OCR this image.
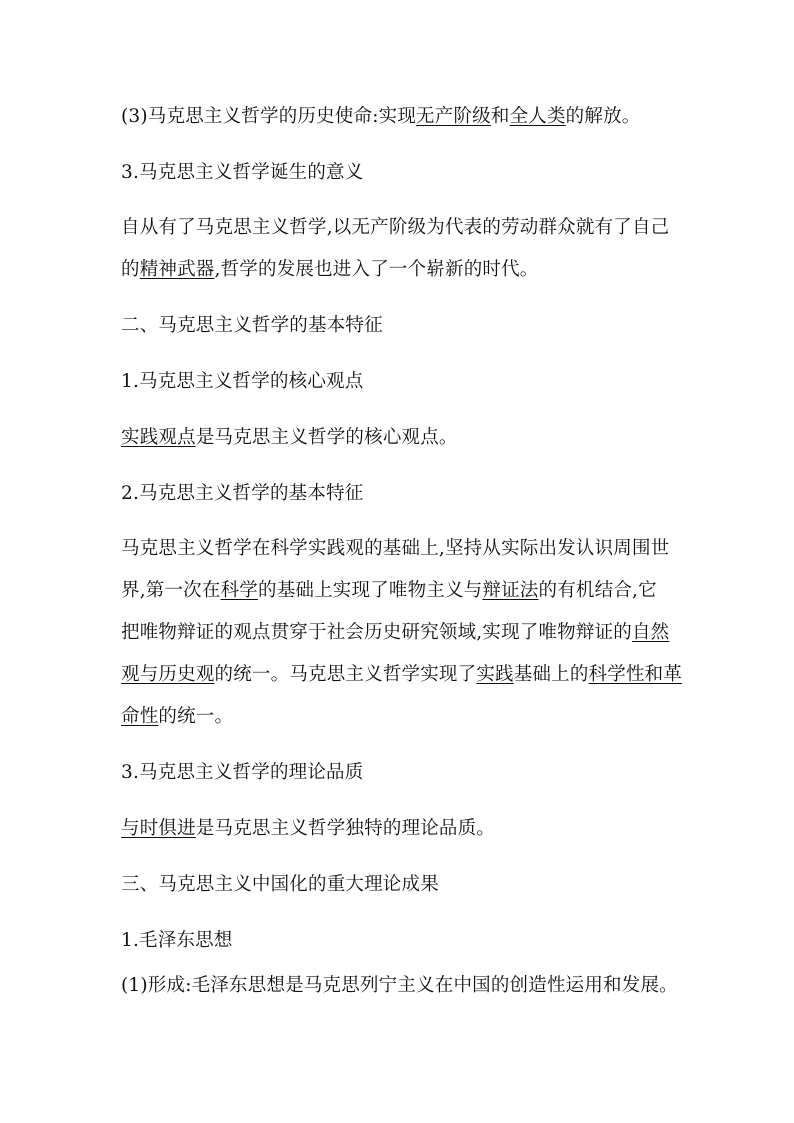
(3)马克思主义哲学的历史使命:实现无产阶级和全人类的解放。
3.马克思主义哲学诞生的意义
自从有了马克思主义哲学,以无产阶级为代表的劳动群众就有了自己
的精神武器,哲学的发展也进入了一个崭新的时代。
二、马克思主义哲学的基本特征
1.马克思主义哲学的核心观点
实践观点是马克思主义哲学的核心观点。
2.马克思主义哲学的基本特征
马克思主义哲学在科学实践观的基础上,坚持从实际出发认识周围世
界,第一次在科学的基础上实现了唯物主义与辩证法的有机结合,它
把唯物辩证的观点贯穿于社会历史研究领域,实现了唯物辩证的自然
观与历史观的统一。马克思主义哲学实现了实践基础上的科学性和革
命性的统一。
3.马克思主义哲学的理论品质
与时俱进是马克思主义哲学独特的理论品质。
三、马克思主义中国化的重大理论成果
1.毛泽东思想
(1)形成:毛泽东思想是马克思列宁主义在中国的创造性运用和发展。
